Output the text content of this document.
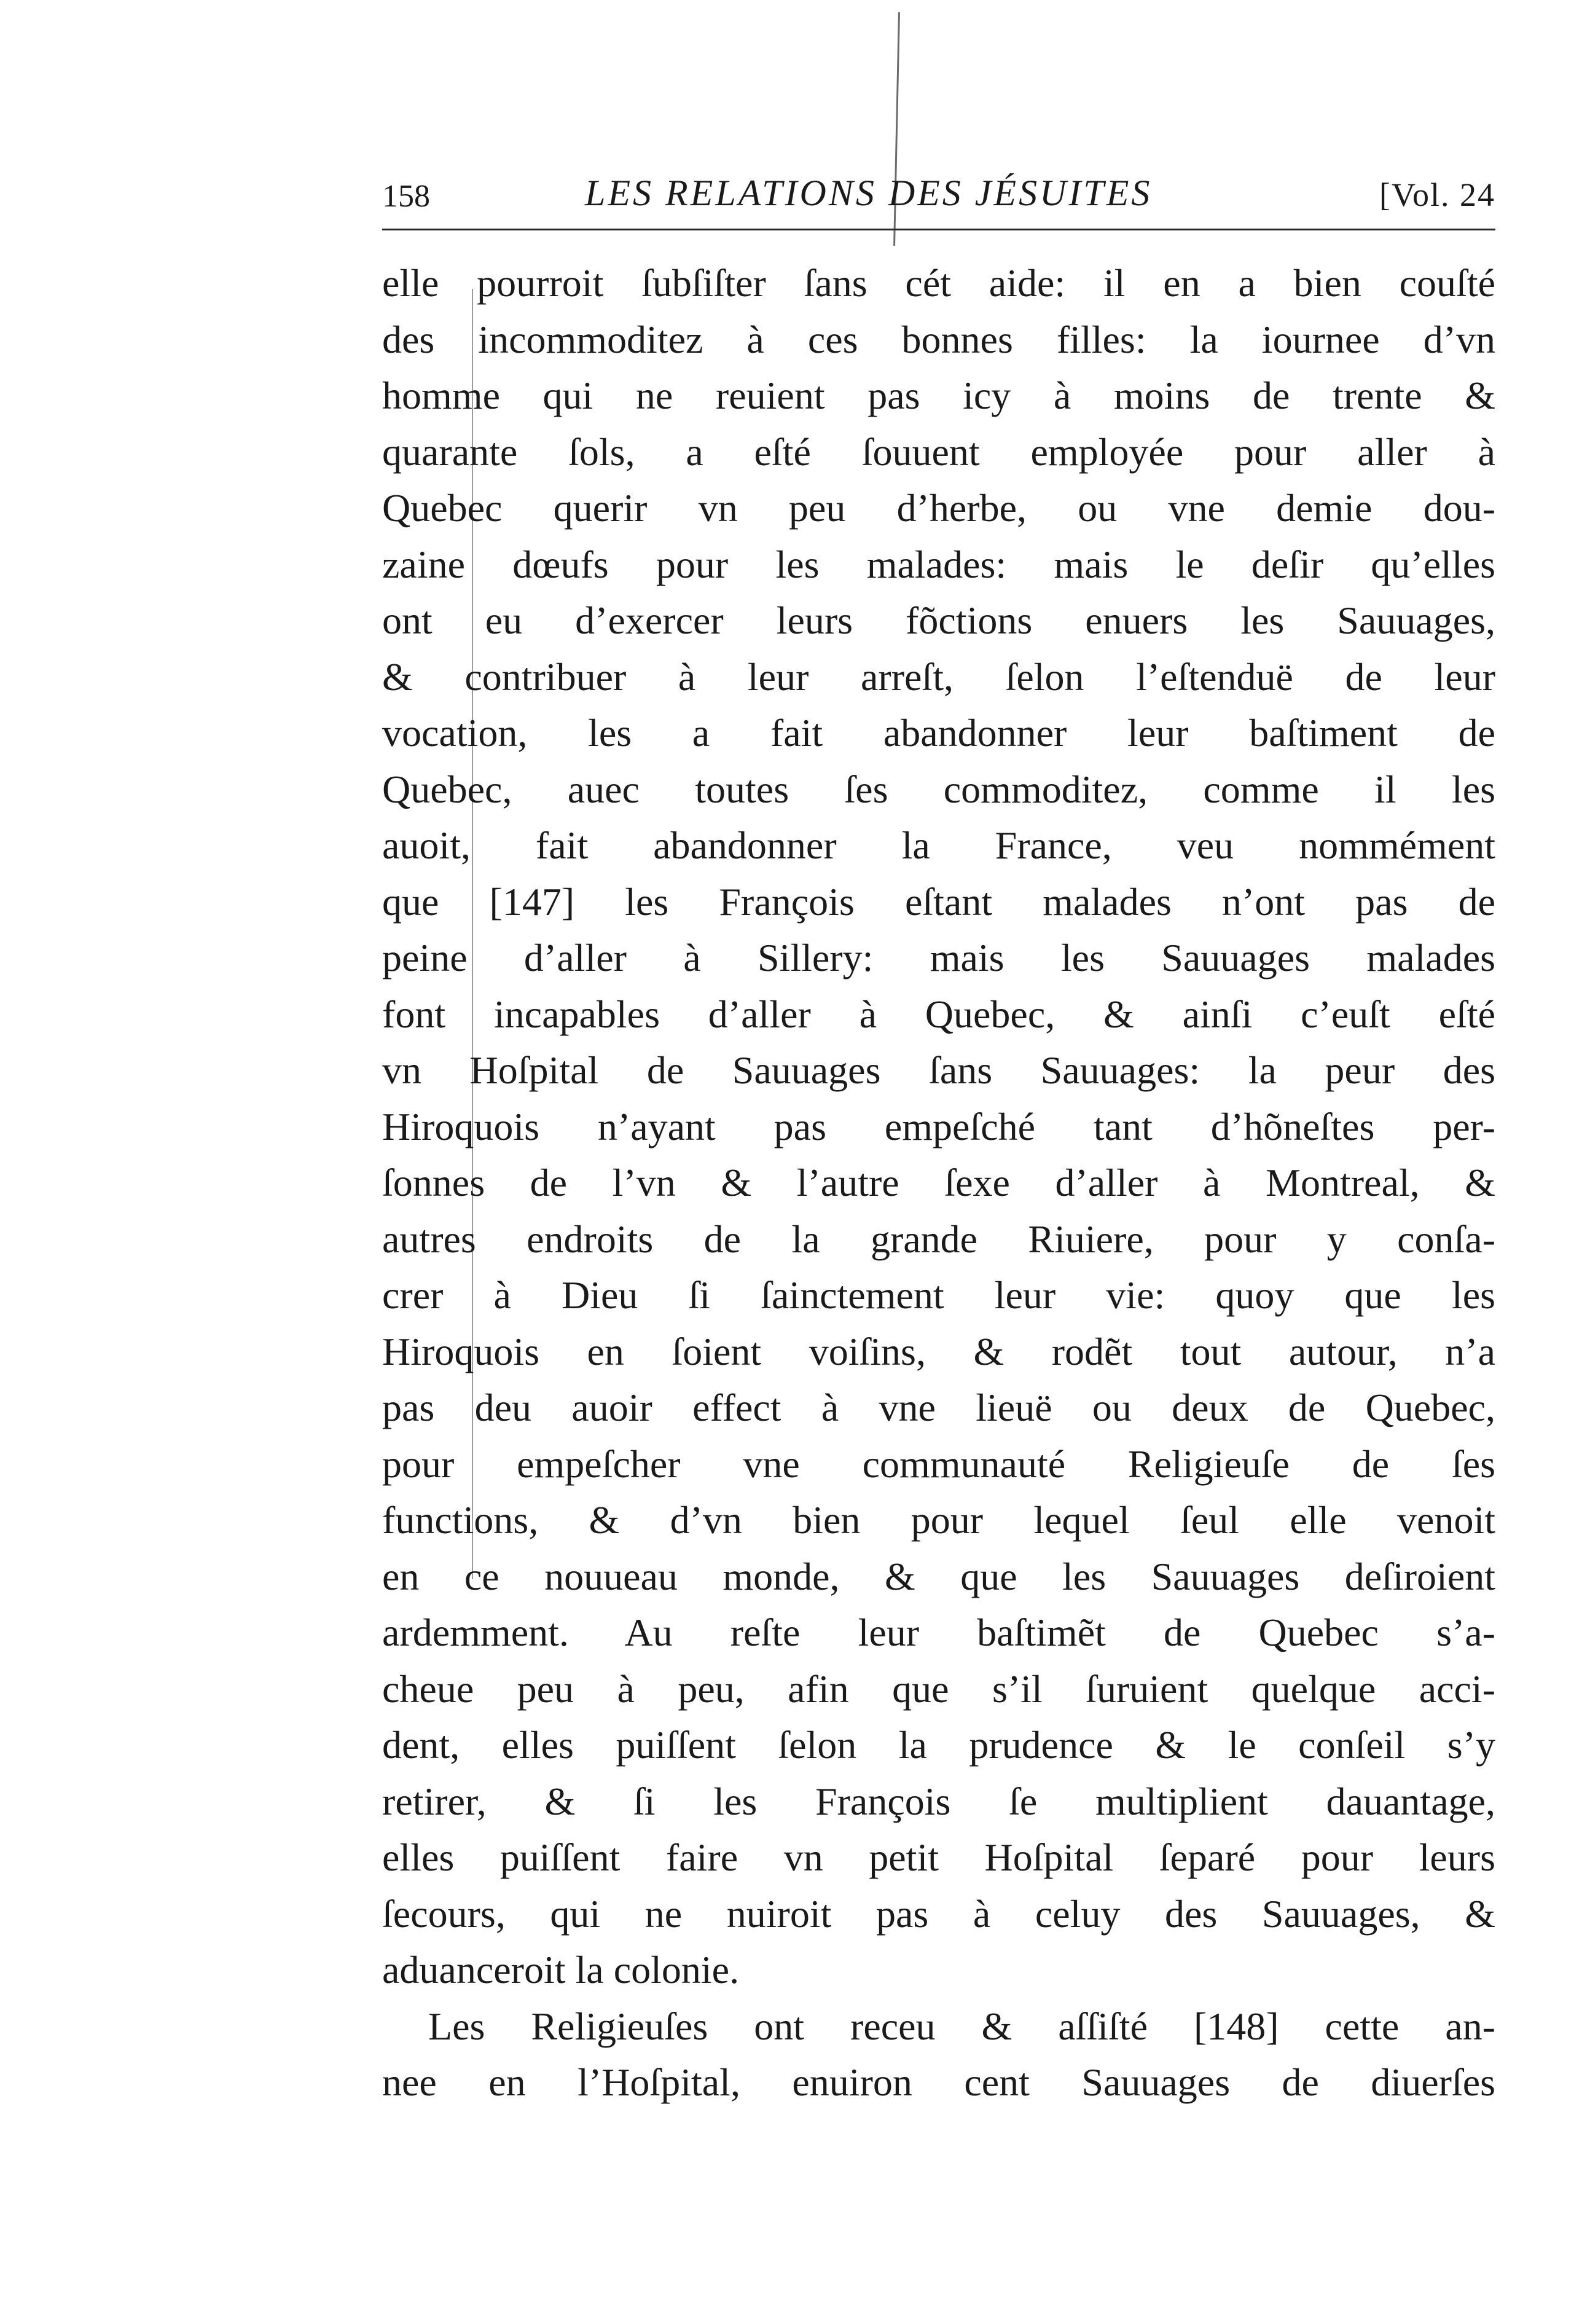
158	LES RELATIONS DES JÉSUITES	[Vol. 24
elle pourroit ſubſiſter ſans cét aide: il en a bien couſté
des incommoditez à ces bonnes filles: la iournee d’vn
homme qui ne reuient pas icy à moins de trente &
quarante ſols, a eſté ſouuent employée pour aller à
Quebec querir vn peu d’herbe, ou vne demie dou-
zaine dœufs pour les malades: mais le deſir qu’elles
ont eu d’exercer leurs fõctions enuers les Sauuages,
& contribuer à leur arreſt, ſelon l’eſtenduë de leur
vocation, les a fait abandonner leur baſtiment de
Quebec, auec toutes ſes commoditez, comme il les
auoit, fait abandonner la France, veu nommément
que [147] les François eſtant malades n’ont pas de
peine d’aller à Sillery: mais les Sauuages malades
font incapables d’aller à Quebec, & ainſi c’euſt eſté
vn Hoſpital de Sauuages ſans Sauuages: la peur des
Hiroquois n’ayant pas empeſché tant d’hõneſtes per-
ſonnes de l’vn & l’autre ſexe d’aller à Montreal, &
autres endroits de la grande Riuiere, pour y conſa-
crer à Dieu ſi ſainctement leur vie: quoy que les
Hiroquois en ſoient voiſins, & rodẽt tout autour, n’a
pas deu auoir effect à vne lieuë ou deux de Quebec,
pour empeſcher vne communauté Religieuſe de ſes
functions, & d’vn bien pour lequel ſeul elle venoit
en ce nouueau monde, & que les Sauuages deſiroient
ardemment. Au reſte leur baſtimẽt de Quebec s’a-
cheue peu à peu, afin que s’il ſuruient quelque acci-
dent, elles puiſſent ſelon la prudence & le conſeil s’y
retirer, & ſi les François ſe multiplient dauantage,
elles puiſſent faire vn petit Hoſpital ſeparé pour leurs
ſecours, qui ne nuiroit pas à celuy des Sauuages, &
aduanceroit la colonie.
Les Religieuſes ont receu & aſſiſté [148] cette an-
nee en l’Hoſpital, enuiron cent Sauuages de diuerſes
